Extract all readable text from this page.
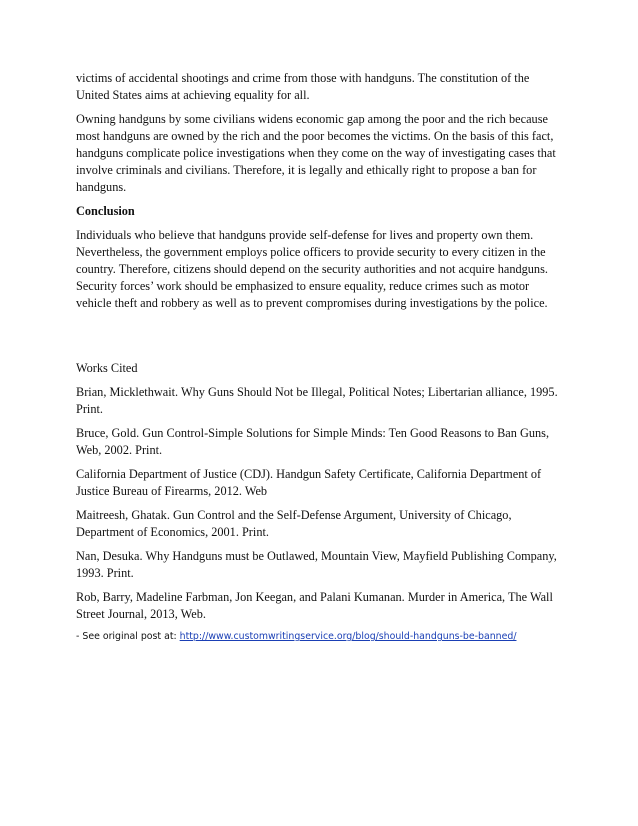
victims of accidental shootings and crime from those with handguns. The constitution of the United States aims at achieving equality for all.

Owning handguns by some civilians widens economic gap among the poor and the rich because most handguns are owned by the rich and the poor becomes the victims. On the basis of this fact, handguns complicate police investigations when they come on the way of investigating cases that involve criminals and civilians. Therefore, it is legally and ethically right to propose a ban for handguns.

Conclusion

Individuals who believe that handguns provide self-defense for lives and property own them. Nevertheless, the government employs police officers to provide security to every citizen in the country. Therefore, citizens should depend on the security authorities and not acquire handguns. Security forces’ work should be emphasized to ensure equality, reduce crimes such as motor vehicle theft and robbery as well as to prevent compromises during investigations by the police.

Works Cited

Brian, Micklethwait. Why Guns Should Not be Illegal, Political Notes; Libertarian alliance, 1995. Print.

Bruce, Gold. Gun Control-Simple Solutions for Simple Minds: Ten Good Reasons to Ban Guns, Web, 2002. Print.

California Department of Justice (CDJ). Handgun Safety Certificate, California Department of Justice Bureau of Firearms, 2012. Web

Maitreesh, Ghatak. Gun Control and the Self-Defense Argument, University of Chicago, Department of Economics, 2001. Print.

Nan, Desuka. Why Handguns must be Outlawed, Mountain View, Mayfield Publishing Company, 1993. Print.

Rob, Barry, Madeline Farbman, Jon Keegan, and Palani Kumanan. Murder in America, The Wall Street Journal, 2013, Web.

- See original post at: http://www.customwritingservice.org/blog/should-handguns-be-banned/
